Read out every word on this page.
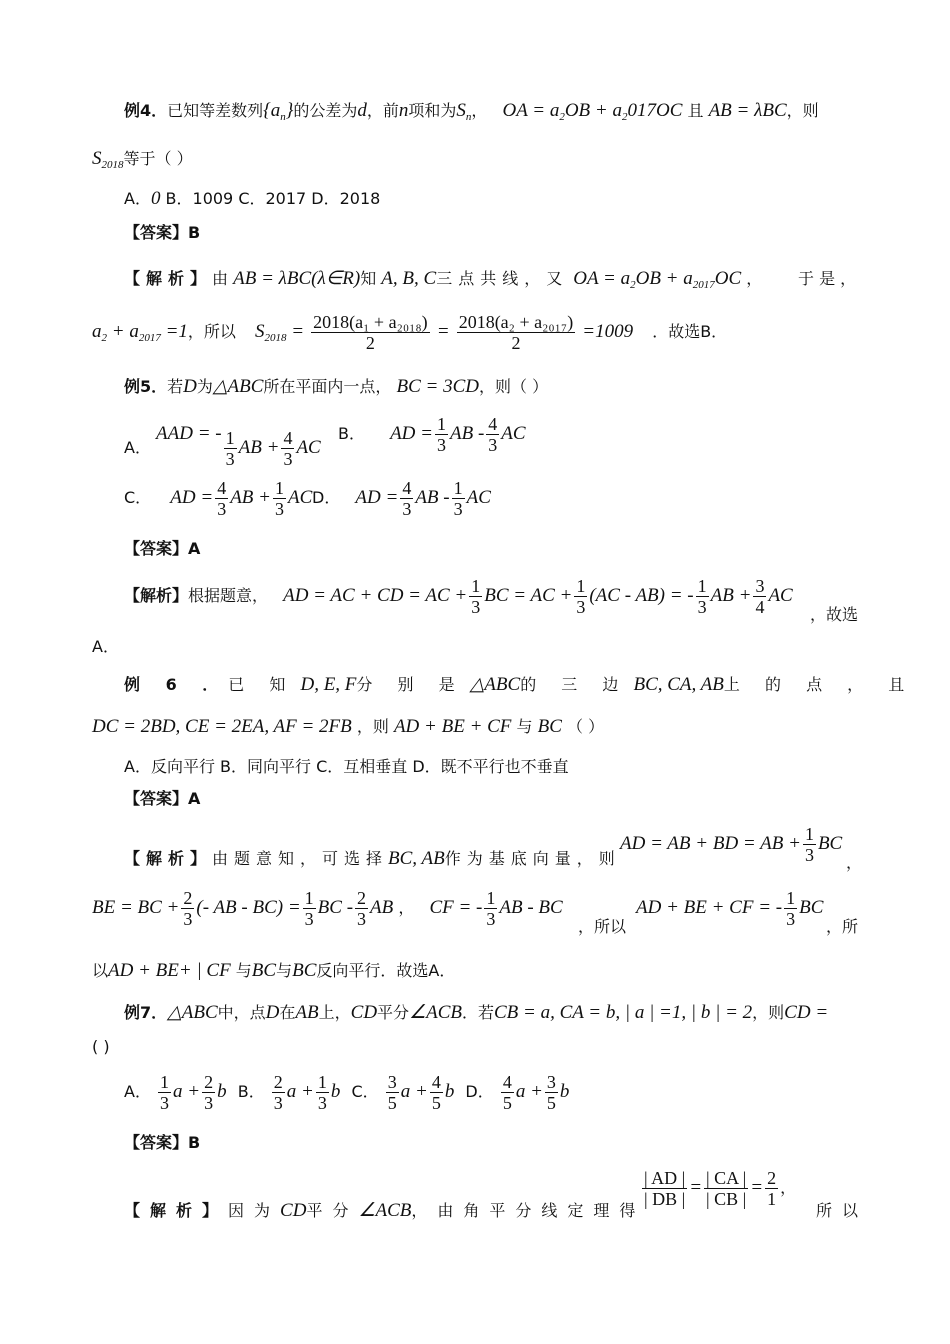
例4．已知等差数列$\{a_n\}$的公差为d，前n项和为$S_n$， OA = $a_2OB + a_2017OC$ 且 AB = λBC，则
$S_{2018}$等于（ ）
A．0 B．1009 C．2017 D．2018
【答案】B
【解析】由 AB = λBC(λ∈R)知 A, B, C三点共线，又 OA = $a_2OB + a_{2017}OC$ ， 于 是 ，
$a_2 + a_{2017} =1$，所以 $S_{2018} = \frac{\text{2018(a₁ + a₂₀₁₈)}}{2} = \frac{\text{2018(a₂ + a₂₀₁₇)}}{2} =1009$ ．故选B．
例5．若D为△ABC所在平面内一点， BC = 3CD，则（ ）
A． AAD = - $\frac{1}{3}$ AB + $\frac{4}{3}$ AC
B． AD = $\frac{1}{3}$ AB - $\frac{4}{3}$ AC
C． AD = $\frac{4}{3}$ AB + $\frac{1}{3}$ AC D． AD = $\frac{4}{3}$ AB - $\frac{1}{3}$ AC
【答案】A
【解析】根据题意， AD = AC + CD = AC + $\frac{1}{3}$ BC = AC + $\frac{1}{3} (AC - AB)$ = - $\frac{1}{3}$ AB + $\frac{3}{4}$ AC
，故选
A．
例 6 ．已 知 D, E, F分 别 是 △ABC的 三 边 BC, CA, AB上 的 点 ， 且
DC = 2BD, CE = 2EA, AF = 2FB ，则 AD + BE + CF 与 BC （ ）
A．反向平行 B．同向平行 C．互相垂直 D．既不平行也不垂直
【答案】A
【解析】由题意知，可选择BC, AB作为基底向量，则
AD = AB + BD = AB + $\frac{1}{3}$ BC
，
BE = BC + $\frac{2}{3}$ (- AB - $BC) = \frac{1}{3}$ BC - $\frac{2}{3}$ AB ， CF = - $\frac{1}{3}$ AB - BC
，所以
AD + BE + CF = - $\frac{1}{3}$ BC
，所
以AD + BE+ | CF 与BC与BC反向平行．故选A．
例7．△ABC中，点D在AB上，CD平分∠ACB．若CB = a, CA = b, | a | =1, | b | = 2，则CD =
( )
A． $\frac{1}{3}$ $a + \frac{2}{3}$ b B． $\frac{2}{3}$ $a + \frac{1}{3}$ b C． $\frac{3}{5}$ $a + \frac{4}{5}$ b D． $\frac{4}{5}$ $a + \frac{3}{5}$ b
【答案】B
【解析】因为CD平分∠ACB，由角平分线定理得
$\frac{| AD |}{| DB |} = \frac{| CA |}{| CB |} = \frac{2}{1}$ ，
所以
